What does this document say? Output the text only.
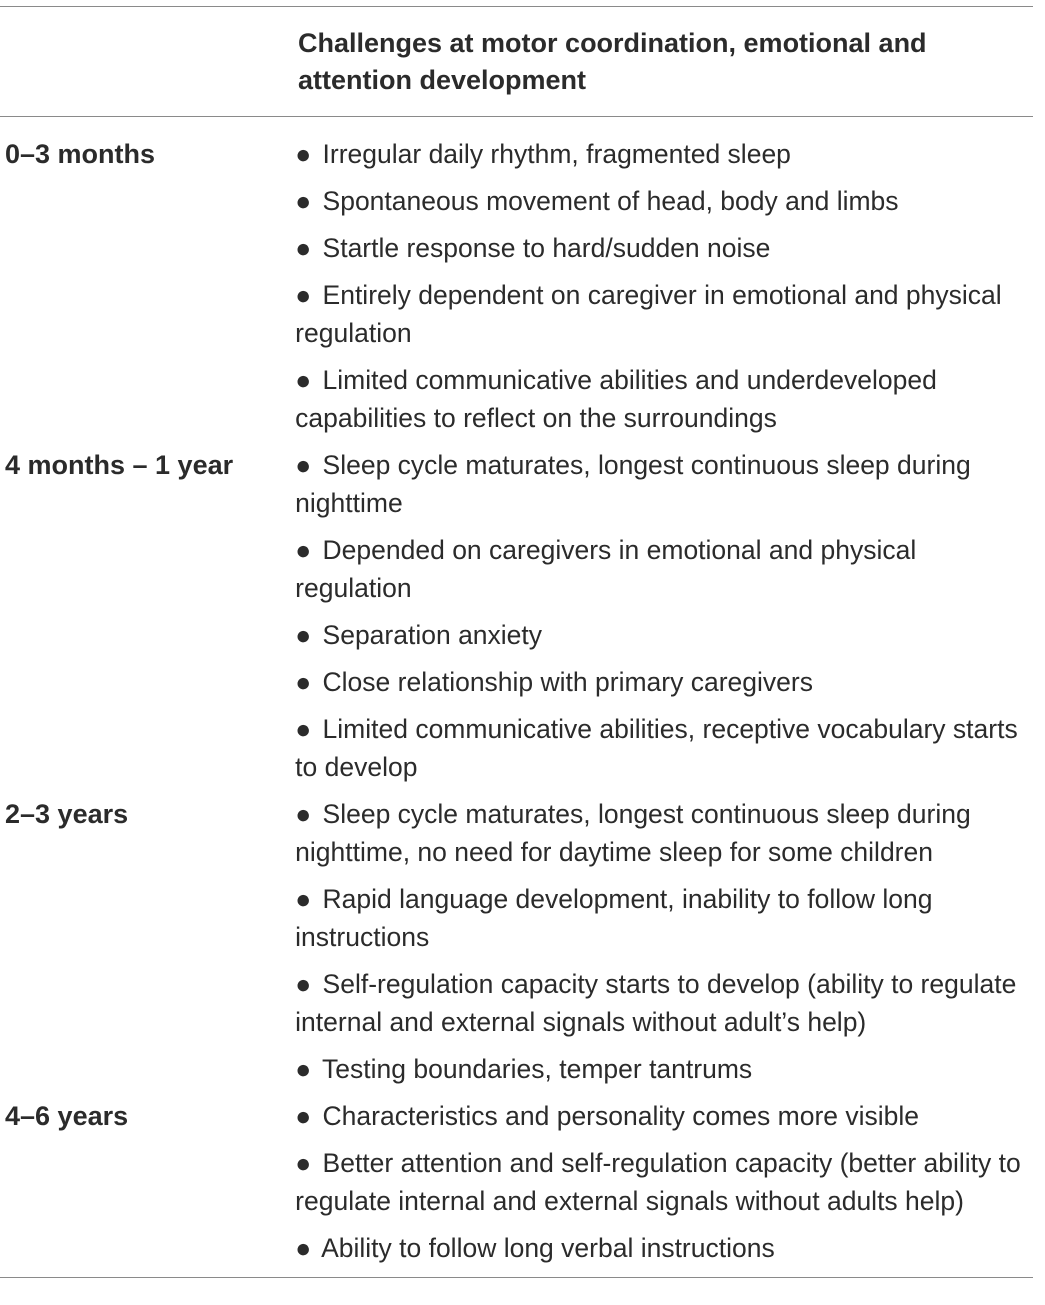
Challenges at motor coordination, emotional and attention development
0–3 months	● Irregular daily rhythm, fragmented sleep
● Spontaneous movement of head, body and limbs
● Startle response to hard/sudden noise
● Entirely dependent on caregiver in emotional and physical regulation
● Limited communicative abilities and underdeveloped capabilities to reflect on the surroundings
4 months – 1 year	● Sleep cycle maturates, longest continuous sleep during nighttime
● Depended on caregivers in emotional and physical regulation
● Separation anxiety
● Close relationship with primary caregivers
● Limited communicative abilities, receptive vocabulary starts to develop
2–3 years	● Sleep cycle maturates, longest continuous sleep during nighttime, no need for daytime sleep for some children
● Rapid language development, inability to follow long instructions
● Self-regulation capacity starts to develop (ability to regulate internal and external signals without adult’s help)
● Testing boundaries, temper tantrums
4–6 years	● Characteristics and personality comes more visible
● Better attention and self-regulation capacity (better ability to regulate internal and external signals without adults help)
● Ability to follow long verbal instructions
